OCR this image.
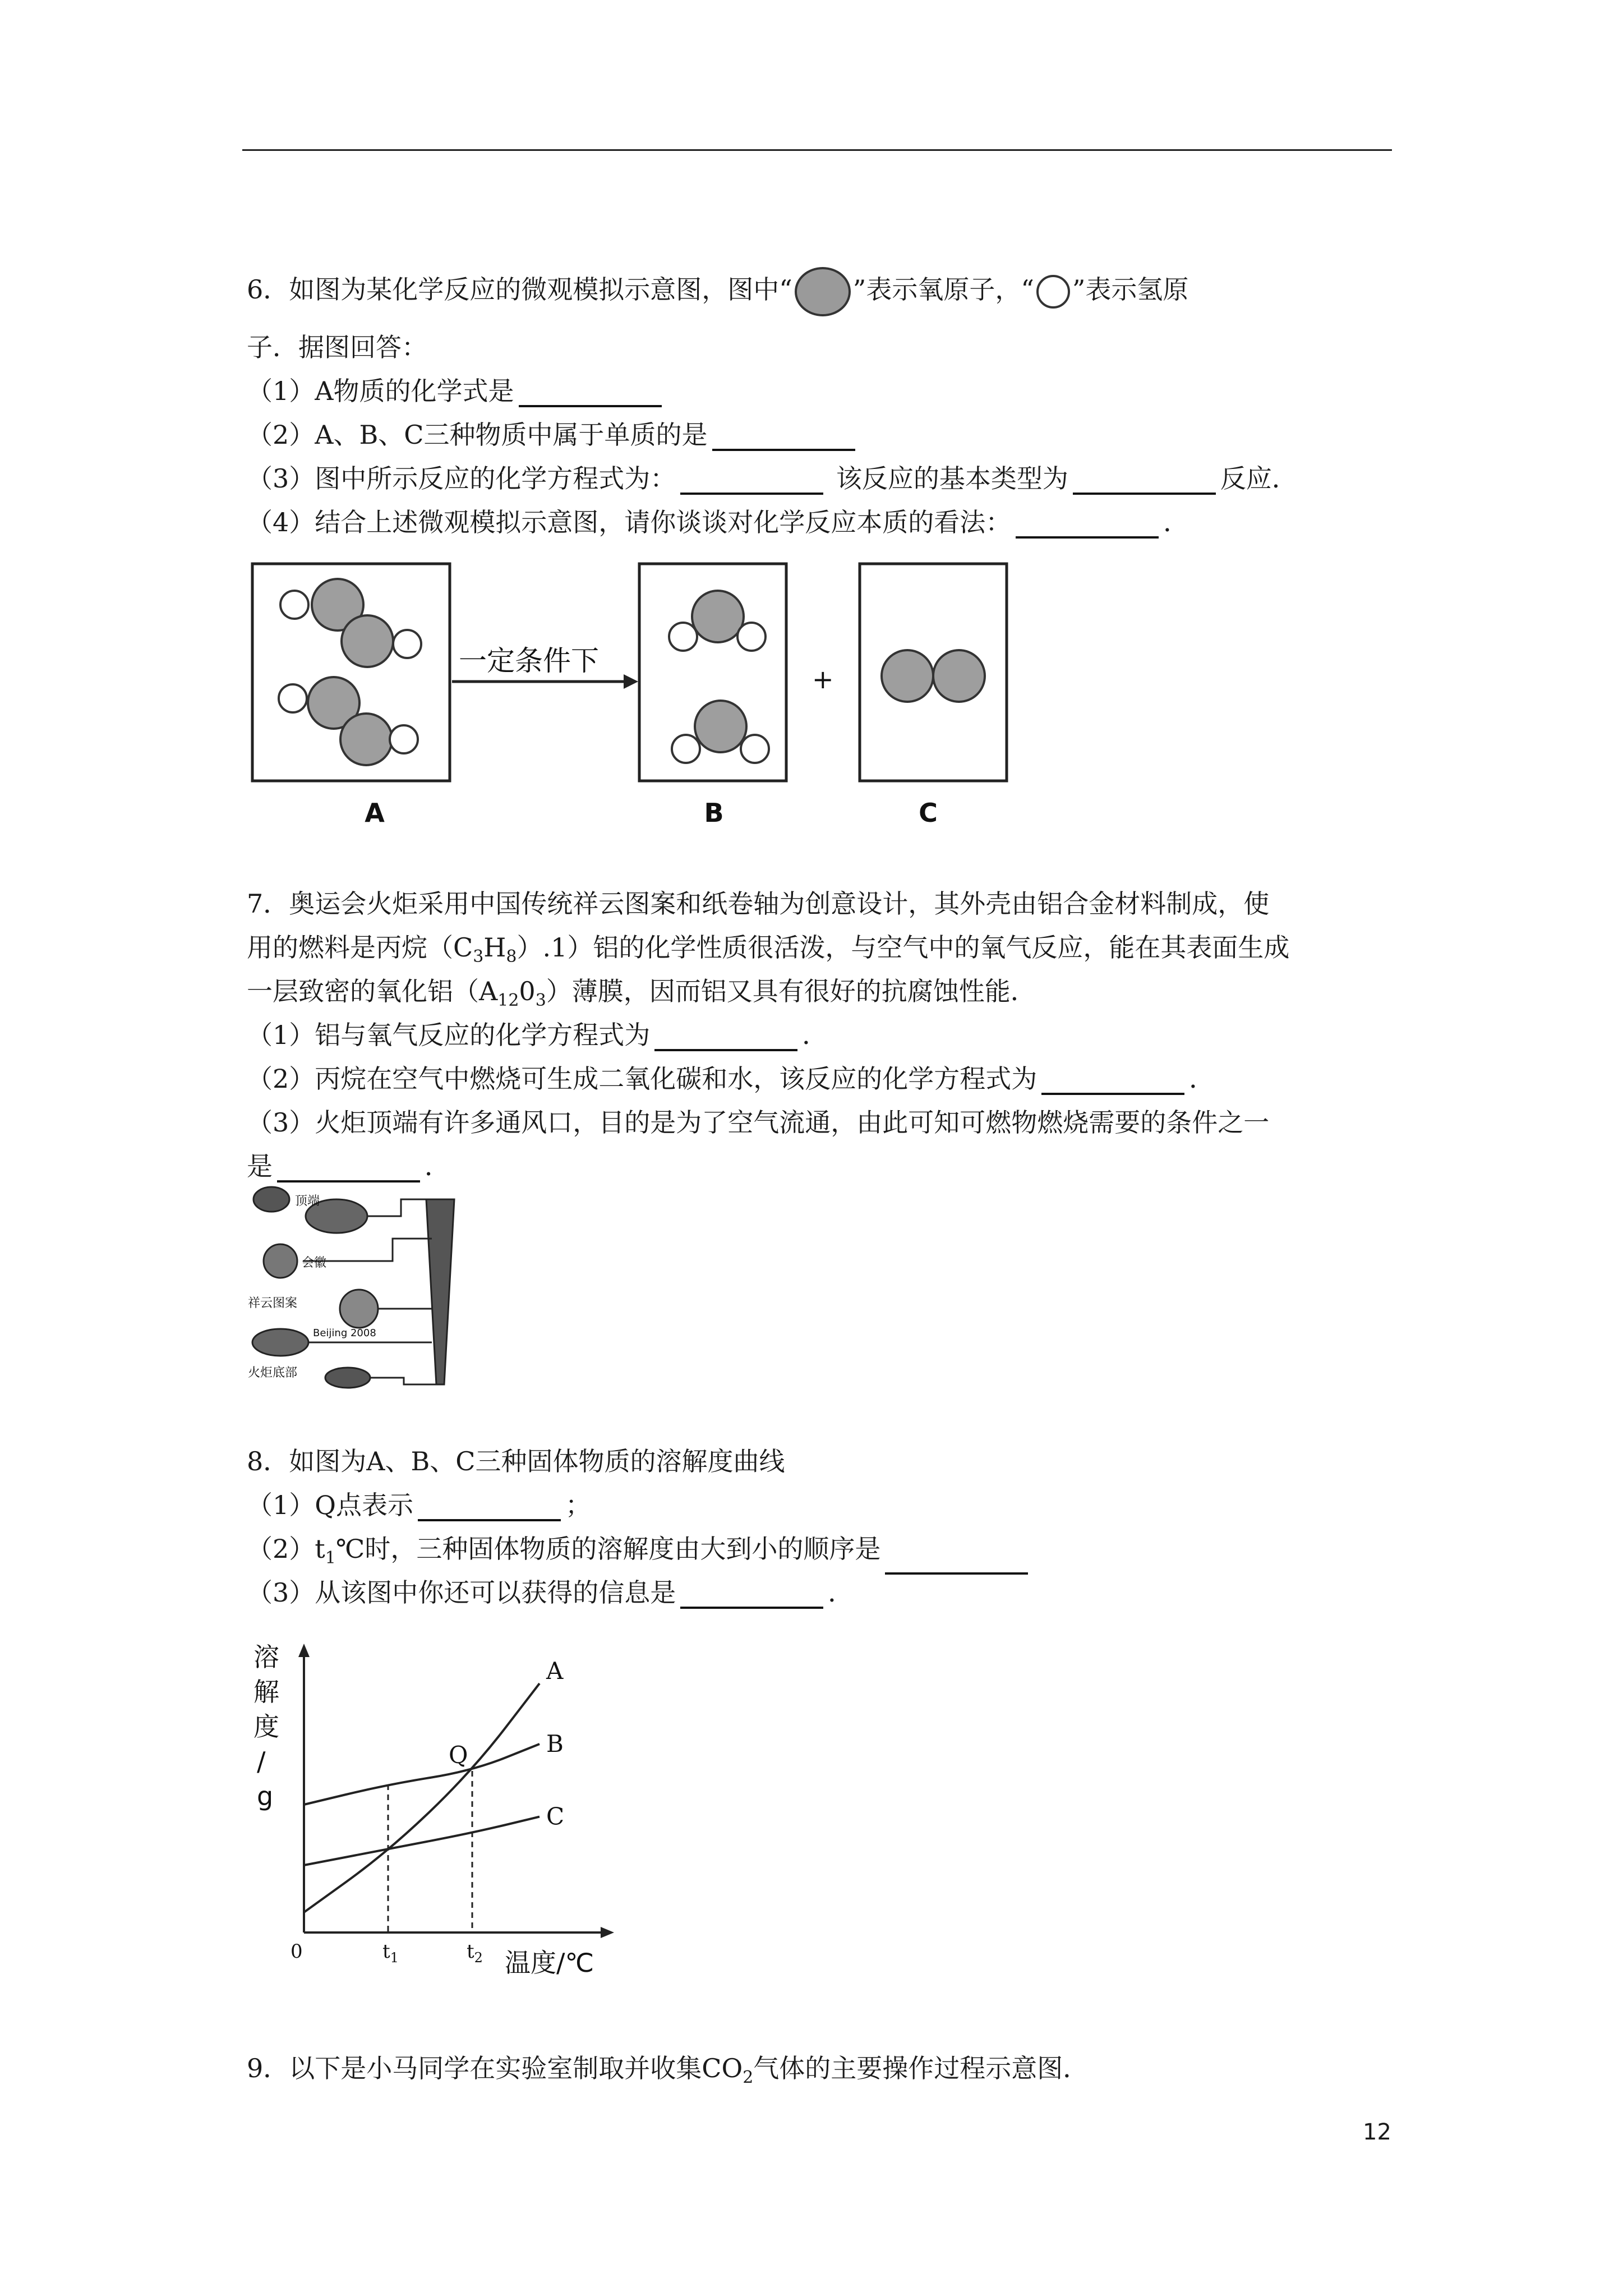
6．如图为某化学反应的微观模拟示意图，图中“ ”表示氧原子，“ ”表示氢原
子．据图回答：
（1）A物质的化学式是
（2）A、B、C三种物质中属于单质的是
（3）图中所示反应的化学方程式为：	该反应的基本类型为	反应．
（4）结合上述微观模拟示意图，请你谈谈对化学反应本质的看法：	．
一定条件下
+
A	B	C
7．奥运会火炬采用中国传统祥云图案和纸卷轴为创意设计，其外壳由铝合金材料制成，使
用的燃料是丙烷$(C_3H_8).1$）铝的化学性质很活泼，与空气中的氧气反应，能在其表面生成
一层致密的氧化铝$(A_{12}0_3)$薄膜，因而铝又具有很好的抗腐蚀性能．
（1）铝与氧气反应的化学方程式为	．
（2）丙烷在空气中燃烧可生成二氧化碳和水，该反应的化学方程式为	．
（3）火炬顶端有许多通风口，目的是为了空气流通，由此可知可燃物燃烧需要的条件之一
是	．
顶端
会徽
祥云图案
Beijing 2008
火炬底部
8．如图为A、B、C三种固体物质的溶解度曲线
（1）Q点表示	；
$(2)t_1℃$时，三种固体物质的溶解度由大到小的顺序是
（3）从该图中你还可以获得的信息是	．
溶解度/ g
温度/℃
0	$t_1$	$t_2$
A
B
C
Q
9．以下是小马同学在实验室制取并收集$CO_2$气体的主要操作过程示意图．
12
